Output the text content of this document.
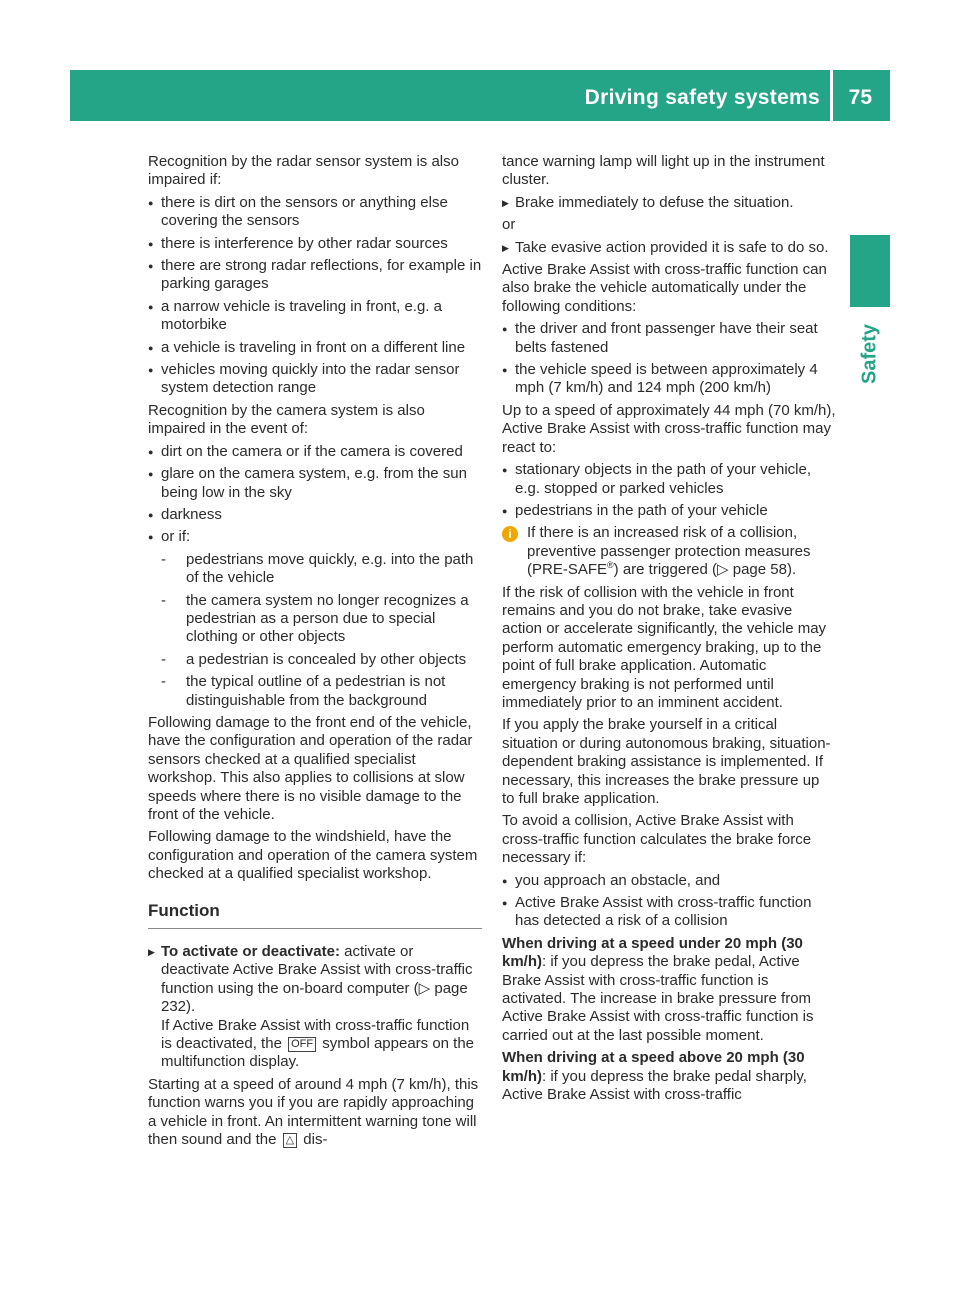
Driving safety systems 75
Safety

Recognition by the radar sensor system is also impaired if:

● there is dirt on the sensors or anything else covering the sensors
● there is interference by other radar sources
● there are strong radar reflections, for example in parking garages
● a narrow vehicle is traveling in front, e.g. a motorbike
● a vehicle is traveling in front on a different line
● vehicles moving quickly into the radar sensor system detection range

Recognition by the camera system is also impaired in the event of:

● dirt on the camera or if the camera is covered
● glare on the camera system, e.g. from the sun being low in the sky
● darkness
● or if:
- pedestrians move quickly, e.g. into the path of the vehicle
- the camera system no longer recognizes a pedestrian as a person due to special clothing or other objects
- a pedestrian is concealed by other objects
- the typical outline of a pedestrian is not distinguishable from the background

Following damage to the front end of the vehicle, have the configuration and operation of the radar sensors checked at a qualified specialist workshop. This also applies to collisions at slow speeds where there is no visible damage to the front of the vehicle.

Following damage to the windshield, have the configuration and operation of the camera system checked at a qualified specialist workshop.

Function
▶ To activate or deactivate: activate or deactivate Active Brake Assist with cross-traffic function using the on-board computer (▷ page 232).
If Active Brake Assist with cross-traffic function is deactivated, the OFF symbol appears on the multifunction display.

Starting at a speed of around 4 mph (7 km/h), this function warns you if you are rapidly approaching a vehicle in front. An intermittent warning tone will then sound and the △ dis-

tance warning lamp will light up in the instrument cluster.

▶ Brake immediately to defuse the situation.

or

▶ Take evasive action provided it is safe to do so.

Active Brake Assist with cross-traffic function can also brake the vehicle automatically under the following conditions:

● the driver and front passenger have their seat belts fastened
● the vehicle speed is between approximately 4 mph (7 km/h) and 124 mph (200 km/h)

Up to a speed of approximately 44 mph (70 km/h), Active Brake Assist with cross-traffic function may react to:

● stationary objects in the path of your vehicle, e.g. stopped or parked vehicles
● pedestrians in the path of your vehicle
i	If there is an increased risk of a collision, preventive passenger protection measures (PRE-SAFE®) are triggered (▷ page 58).

If the risk of collision with the vehicle in front remains and you do not brake, take evasive action or accelerate significantly, the vehicle may perform automatic emergency braking, up to the point of full brake application. Automatic emergency braking is not performed until immediately prior to an imminent accident.

If you apply the brake yourself in a critical situation or during autonomous braking, situation-dependent braking assistance is implemented. If necessary, this increases the brake pressure up to full brake application.

To avoid a collision, Active Brake Assist with cross-traffic function calculates the brake force necessary if:

● you approach an obstacle, and
● Active Brake Assist with cross-traffic function has detected a risk of a collision

When driving at a speed under 20 mph (30 km/h): if you depress the brake pedal, Active Brake Assist with cross-traffic function is activated. The increase in brake pressure from Active Brake Assist with cross-traffic function is carried out at the last possible moment.

When driving at a speed above 20 mph (30 km/h): if you depress the brake pedal sharply, Active Brake Assist with cross-traffic
